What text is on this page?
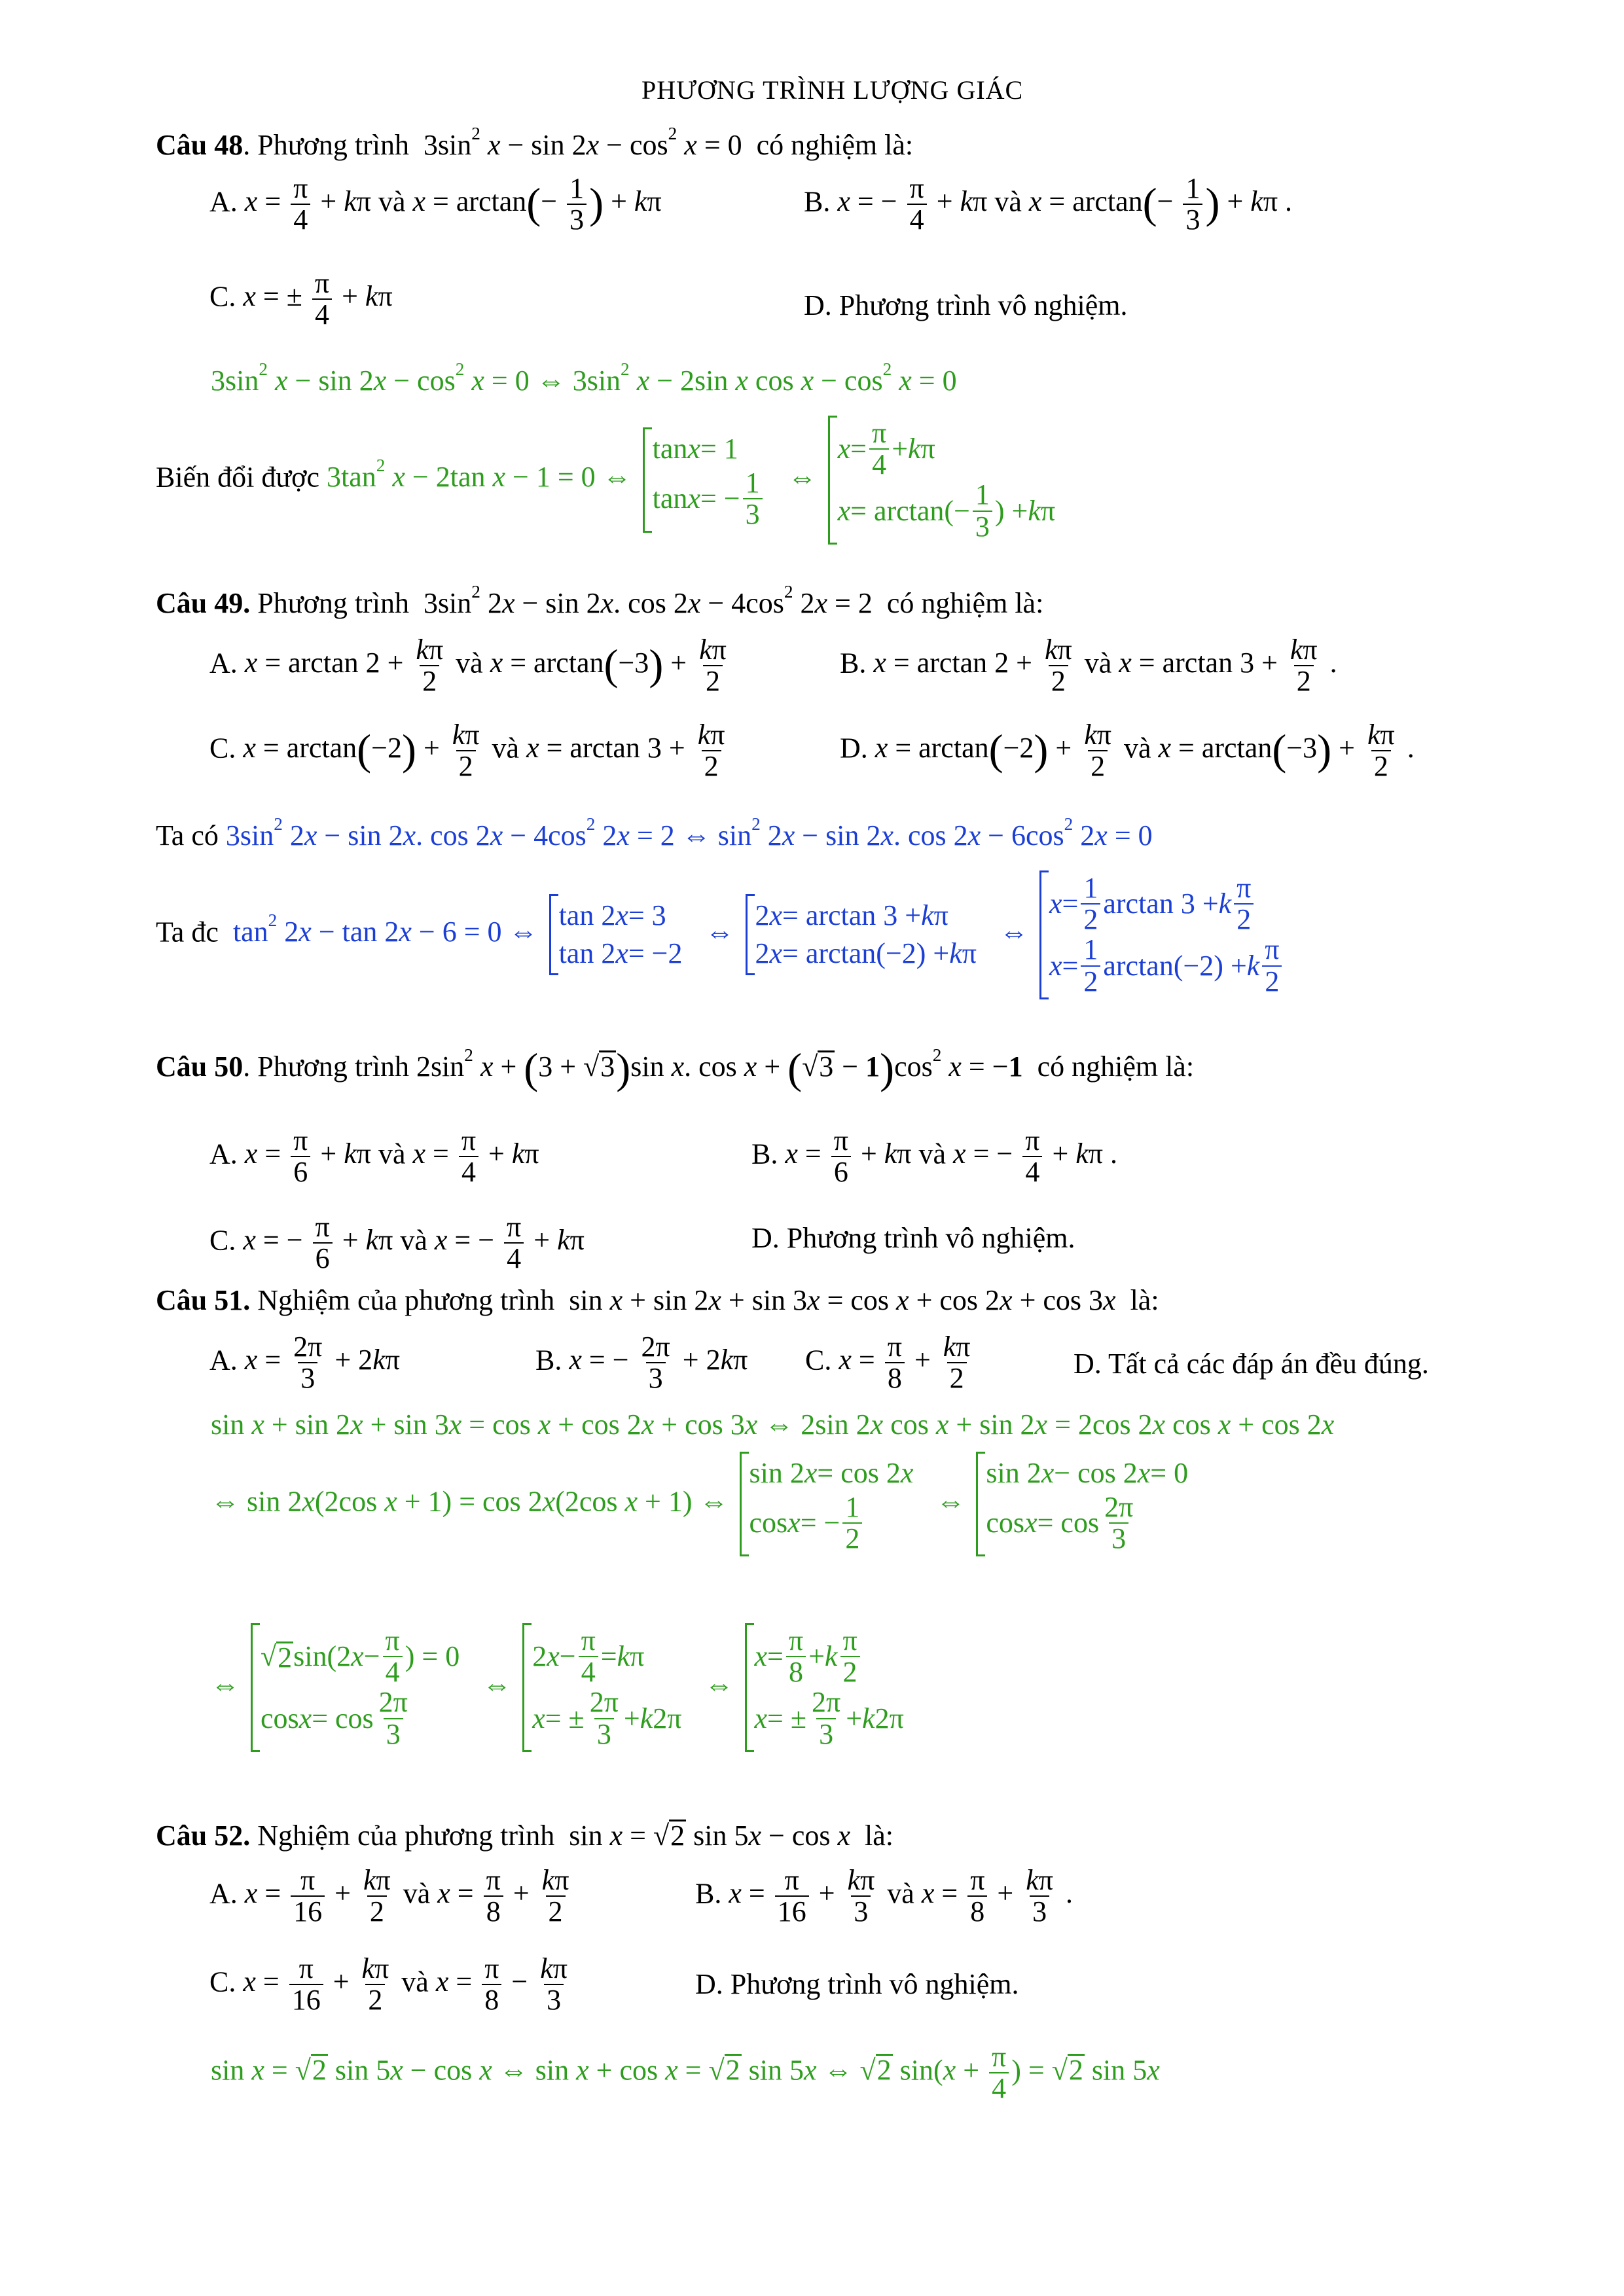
PHƯƠNG TRÌNH LƯỢNG GIÁC
Câu 48. Phương trình $3\sin^2$ $x - \sin 2x - \cos^2 x = 0$ có nghiệm là:
A. $x = \frac{\pi}{4} + k\pi$ và $x = \arctan(- \frac{1}{3}$ ) + kπ	B. x = − $\frac{\pi}{4} + k\pi$ và $x = \arctan(- \frac{1}{3}$ ) + kπ .
C. x = ± $\frac{\pi}{4} + k\pi$	D. Phương trình vô nghiệm.
$3\sin^2$ $x - \sin 2x - \cos^2 x = 0$ ⇔ $3\sin^2$ x − 2sin x $\cos x - \cos^2 x = 0$
Biến đổi được $3\tan^2$ x − 2tan x − 1 = 0 ⇔
tan x = 1
tan x = − $\frac{1}{3}$ ⇔
$x = \frac{\pi}{4} + k$ π
$x = \arctan(- \frac{1}{3}$ ) + k π
Câu 49. Phương trình $3\sin^2$ 2x − sin 2x. $\cos 2x - 4\cos^2$ 2x = 2 có nghiệm là:
A. $x = \arctan 2 + \frac{k\pi}{2}$ và $x = \arctan(-3) + \frac{k\pi}{2}$	B. $x = \arctan 2 + \frac{k\pi}{2}$ và $x = \arctan 3 + \frac{k\pi}{2}$ .
C. $x = \arctan(-2) + \frac{k\pi}{2}$ và $x = \arctan 3 + \frac{k\pi}{2}$	D. $x = \arctan(-2) + \frac{k\pi}{2}$ và $x = \arctan(-3) + \frac{k\pi}{2}$ .
Ta có $3\sin^2$ 2x − sin 2x. $\cos 2x - 4\cos^2$ 2x = 2 ⇔ $\sin^2 2x - \sin 2x$. $\cos 2x - 6\cos^2$ 2x = 0
Ta đc $\tan^2 2x - \tan 2x - 6 = 0$ ⇔
tan 2 x = 3
tan 2 x = −2
⇔
2 x = arctan 3 + k π
2 x = arctan(−2) + k π
⇔
$x = \frac{1}{2}$ arctan 3 + k $\frac{\pi}{2}$
$x = \frac{1}{2} \arctan(-2) + k \frac{\pi}{2}$
Câu 50. Phương trình $2\sin^2$ x + (3 + √3)sin x. $\cos x + (√3 - 1)\cos^2$ x = −1 có nghiệm là:
A. $x = \frac{\pi}{6} + k\pi$ và $x = \frac{\pi}{4} + k\pi$	B. $x = \frac{\pi}{6} + k\pi$ và x = − $\frac{\pi}{4} + k\pi$ .
C. x = − $\frac{\pi}{6} + k\pi$ và x = − $\frac{\pi}{4} + k\pi$	D. Phương trình vô nghiệm.
Câu 51. Nghiệm của phương trình sin x + sin 2x + sin 3x = cos x + cos 2x + cos 3x là:
A. $x = \frac{2\pi}{3} + 2k\pi$	B. x = − $\frac{2\pi}{3} + 2k\pi$ C. $x = \frac{\pi}{8} + \frac{k\pi}{2}$	D. Tất cả các đáp án đều đúng.
sin x + sin 2x + sin 3x = cos x + cos 2x + cos 3x ⇔ 2sin 2x cos x + sin 2x = 2cos 2x cos x + cos 2x
⇔ sin 2x(2cos x + 1) = cos 2x(2cos x + 1) ⇔
sin 2 x = cos 2 x
cos x = − $\frac{1}{2}$ ⇔
sin 2 x − cos 2 x = 0
$\cos x = \cos \frac{2\pi}{3}$
⇔
√ 2 sin(2 $x - \frac{\pi}{4}$ ) = 0
$\cos x = \cos \frac{2\pi}{3}$
⇔
2 $x - \frac{\pi}{4} = k$ π
x = ± $\frac{2\pi}{3} + k$ 2π
⇔
$x = \frac{\pi}{8} + k \frac{\pi}{2}$
x = ± $\frac{2\pi}{3} + k$ 2π
Câu 52. Nghiệm của phương trình sin x = √2 sin 5x − cos x là:
A. $x = \frac{\pi}{16} + \frac{k\pi}{2}$ và $x = \frac{\pi}{8} + \frac{k\pi}{2}$	B. $x = \frac{\pi}{16} + \frac{k\pi}{3}$ và $x = \frac{\pi}{8} + \frac{k\pi}{3}$ .
C. $x = \frac{\pi}{16} + \frac{k\pi}{2}$ và $x = \frac{\pi}{8} - \frac{k\pi}{3}$	D. Phương trình vô nghiệm.
sin x = √2 sin 5x − cos x ⇔ sin x + cos x = √2 sin 5x ⇔ √2 $\sin(x + \frac{\pi}{4}$ ) = √2 sin 5x
